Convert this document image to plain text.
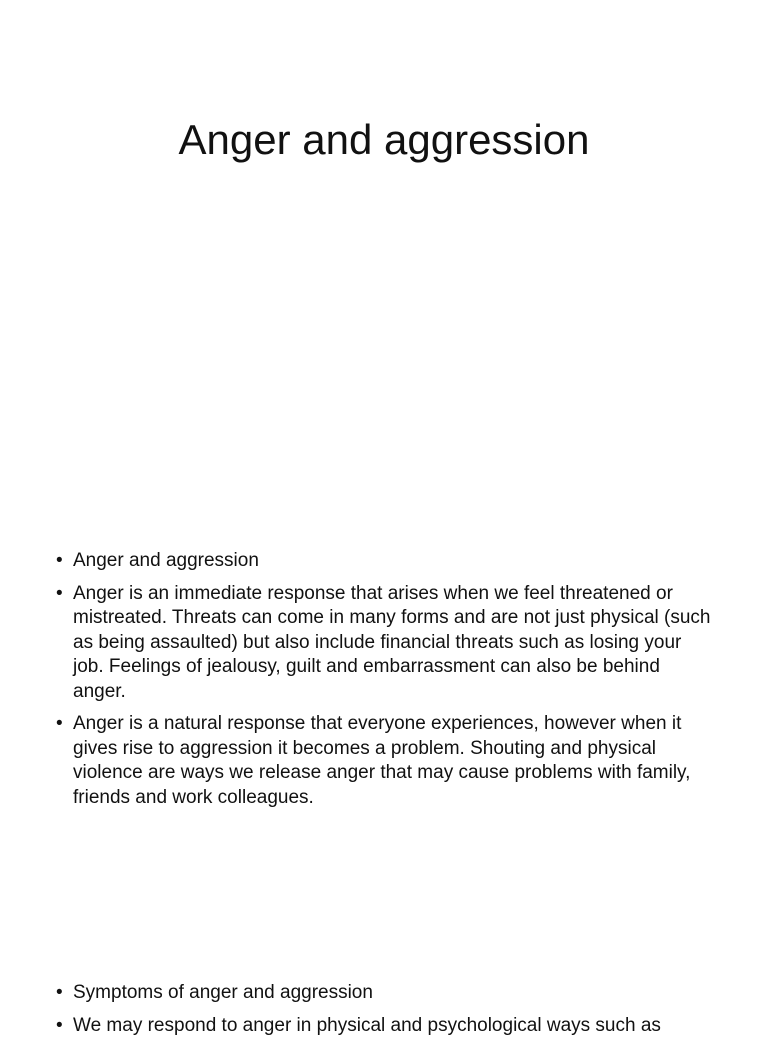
Anger and aggression
• Anger and aggression
• Anger is an immediate response that arises when we feel threatened or mistreated. Threats can come in many forms and are not just physical (such as being assaulted) but also include financial threats such as losing your job. Feelings of jealousy, guilt and embarrassment can also be behind anger.
• Anger is a natural response that everyone experiences, however when it gives rise to aggression it becomes a problem. Shouting and physical violence are ways we release anger that may cause problems with family, friends and work colleagues.
• Symptoms of anger and aggression
• We may respond to anger in physical and psychological ways such as
